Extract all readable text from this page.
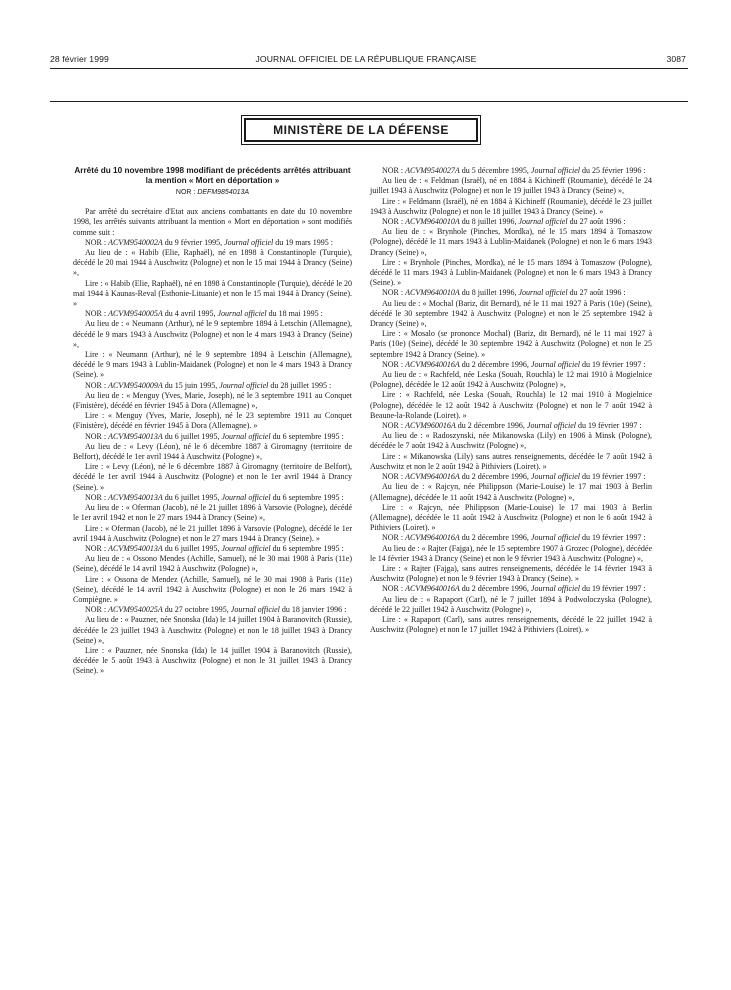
28 février 1999	JOURNAL OFFICIEL DE LA RÉPUBLIQUE FRANÇAISE	3087
MINISTÈRE DE LA DÉFENSE
Arrêté du 10 novembre 1998 modifiant de précédents arrêtés attribuant la mention « Mort en déportation »
NOR : DEFM9854013A

Par arrêté du secrétaire d'Etat aux anciens combattants en date du 10 novembre 1998, les arrêtés suivants attribuant la mention « Mort en déportation » sont modifiés comme suit :

NOR : ACVM9540002A du 9 février 1995, Journal officiel du 19 mars 1995 :

Au lieu de : « Habib (Elie, Raphaël), né en 1898 à Constantinople (Turquie), décédé le 20 mai 1944 à Auschwitz (Pologne) et non le 15 mai 1944 à Drancy (Seine) »,

Lire : « Habib (Elie, Raphaël), né en 1898 à Constantinople (Turquie), décédé le 20 mai 1944 à Kaunas-Reval (Esthonie-Lituanie) et non le 15 mai 1944 à Drancy (Seine). »

NOR : ACVM9540005A du 4 avril 1995, Journal officiel du 18 mai 1995 :

Au lieu de : « Neumann (Arthur), né le 9 septembre 1894 à Letschin (Allemagne), décédé le 9 mars 1943 à Auschwitz (Pologne) et non le 4 mars 1943 à Drancy (Seine) »,

Lire : « Neumann (Arthur), né le 9 septembre 1894 à Letschin (Allemagne), décédé le 9 mars 1943 à Lublin-Maidanek (Pologne) et non le 4 mars 1943 à Drancy (Seine). »

NOR : ACVM9540009A du 15 juin 1995, Journal officiel du 28 juillet 1995 :

Au lieu de : « Menguy (Yves, Marie, Joseph), né le 3 septembre 1911 au Conquet (Finistère), décédé en février 1945 à Dora (Allemagne) »,

Lire : « Menguy (Yves, Marie, Joseph), né le 23 septembre 1911 au Conquet (Finistère), décédé en février 1945 à Dora (Allemagne). »

NOR : ACVM9540013A du 6 juillet 1995, Journal officiel du 6 septembre 1995 :

Au lieu de : « Levy (Léon), né le 6 décembre 1887 à Giromagny (territoire de Belfort), décédé le 1er avril 1944 à Auschwitz (Pologne) »,

Lire : « Levy (Léon), né le 6 décembre 1887 à Giromagny (territoire de Belfort), décédé le 1er avril 1944 à Auschwitz (Pologne) et non le 1er avril 1944 à Drancy (Seine). »

NOR : ACVM9540013A du 6 juillet 1995, Journal officiel du 6 septembre 1995 :

Au lieu de : « Oferman (Jacob), né le 21 juillet 1896 à Varsovie (Pologne), décédé le 1er avril 1942 et non le 27 mars 1944 à Drancy (Seine) »,

Lire : « Oferman (Jacob), né le 21 juillet 1896 à Varsovie (Pologne), décédé le 1er avril 1944 à Auschwitz (Pologne) et non le 27 mars 1944 à Drancy (Seine). »

NOR : ACVM9540013A du 6 juillet 1995, Journal officiel du 6 septembre 1995 :

Au lieu de : « Ossono Mendes (Achille, Samuel), né le 30 mai 1908 à Paris (11e) (Seine), décédé le 14 avril 1942 à Auschwitz (Pologne) »,

Lire : « Ossona de Mendez (Achille, Samuel), né le 30 mai 1908 à Paris (11e) (Seine), décédé le 14 avril 1942 à Auschwitz (Pologne) et non le 26 mars 1942 à Compiègne. »

NOR : ACVM9540025A du 27 octobre 1995, Journal officiel du 18 janvier 1996 :

Au lieu de : « Pauzner, née Snonska (Ida) le 14 juillet 1904 à Baranovitch (Russie), décédée le 23 juillet 1943 à Auschwitz (Pologne) et non le 18 juillet 1943 à Drancy (Seine) »,

Lire : « Pauzner, née Snonska (Ida) le 14 juillet 1904 à Baranovitch (Russie), décédée le 5 août 1943 à Auschwitz (Pologne) et non le 31 juillet 1943 à Drancy (Seine). »

NOR : ACVM9540027A du 5 décembre 1995, Journal officiel du 25 février 1996 :

Au lieu de : « Feldman (Israël), né en 1884 à Kichineff (Roumanie), décédé le 24 juillet 1943 à Auschwitz (Pologne) et non le 19 juillet 1943 à Drancy (Seine) »,

Lire : « Feldmann (Israël), né en 1884 à Kichineff (Roumanie), décédé le 23 juillet 1943 à Auschwitz (Pologne) et non le 18 juillet 1943 à Drancy (Seine). »

NOR : ACVM9640010A du 8 juillet 1996, Journal officiel du 27 août 1996 :

Au lieu de : « Brynhole (Pinches, Mordka), né le 15 mars 1894 à Tomaszow (Pologne), décédé le 11 mars 1943 à Lublin-Maidanek (Pologne) et non le 6 mars 1943 Drancy (Seine) »,

Lire : « Brynhole (Pinches, Mordka), né le 15 mars 1894 à Tomaszow (Pologne), décédé le 11 mars 1943 à Lublin-Maidanek (Pologne) et non le 6 mars 1943 à Drancy (Seine). »

NOR : ACVM9640010A du 8 juillet 1996, Journal officiel du 27 août 1996 :

Au lieu de : « Mochal (Bariz, dit Bernard), né le 11 mai 1927 à Paris (10e) (Seine), décédé le 30 septembre 1942 à Auschwitz (Pologne) et non le 25 septembre 1942 à Drancy (Seine) »,

Lire : « Mosalo (se prononce Mochal) (Bariz, dit Bernard), né le 11 mai 1927 à Paris (10e) (Seine), décédé le 30 septembre 1942 à Auschwitz (Pologne) et non le 25 septembre 1942 à Drancy (Seine). »

NOR : ACVM9640016A du 2 décembre 1996, Journal officiel du 19 février 1997 :

Au lieu de : « Rachfeld, née Leska (Souah, Rouchla) le 12 mai 1910 à Mogielnice (Pologne), décédée le 12 août 1942 à Auschwitz (Pologne) »,

Lire : « Rachfeld, née Leska (Souah, Rouchla) le 12 mai 1910 à Mogielnice (Pologne), décédée le 12 août 1942 à Auschwitz (Pologne) et non le 7 août 1942 à Beaune-la-Rolande (Loiret). »

NOR : ACVM960016A du 2 décembre 1996, Journal officiel du 19 février 1997 :

Au lieu de : « Radoszynski, née Mikanowska (Lily) en 1906 à Minsk (Pologne), décédée le 7 août 1942 à Auschwitz (Pologne) »,

Lire : « Mikanowska (Lily) sans autres renseignements, décédée le 7 août 1942 à Auschwitz et non le 2 août 1942 à Pithiviers (Loiret). »

NOR : ACVM9640016A du 2 décembre 1996, Journal officiel du 19 février 1997 :

Au lieu de : « Rajcyn, née Philippson (Marie-Louise) le 17 mai 1903 à Berlin (Allemagne), décédée le 11 août 1942 à Auschwitz (Pologne) »,

Lire : « Rajcyn, née Philippson (Marie-Louise) le 17 mai 1903 à Berlin (Allemagne), décédée le 11 août 1942 à Auschwitz (Pologne) et non le 6 août 1942 à Pithiviers (Loiret). »

NOR : ACVM9640016A du 2 décembre 1996, Journal officiel du 19 février 1997 :

Au lieu de : « Rajter (Fajga), née le 15 septembre 1907 à Grozec (Pologne), décédée le 14 février 1943 à Drancy (Seine) et non le 9 février 1943 à Auschwitz (Pologne) »,

Lire : « Rajter (Fajga), sans autres renseignements, décédée le 14 février 1943 à Auschwitz (Pologne) et non le 9 février 1943 à Drancy (Seine). »

NOR : ACVM9640016A du 2 décembre 1996, Journal officiel du 19 février 1997 :

Au lieu de : « Rapaport (Carl), né le 7 juillet 1894 à Podwoloczyska (Pologne), décédé le 22 juillet 1942 à Auschwitz (Pologne) »,

Lire : « Rapaport (Carl), sans autres renseignements, décédé le 22 juillet 1942 à Auschwitz (Pologne) et non le 17 juillet 1942 à Pithiviers (Loiret). »
